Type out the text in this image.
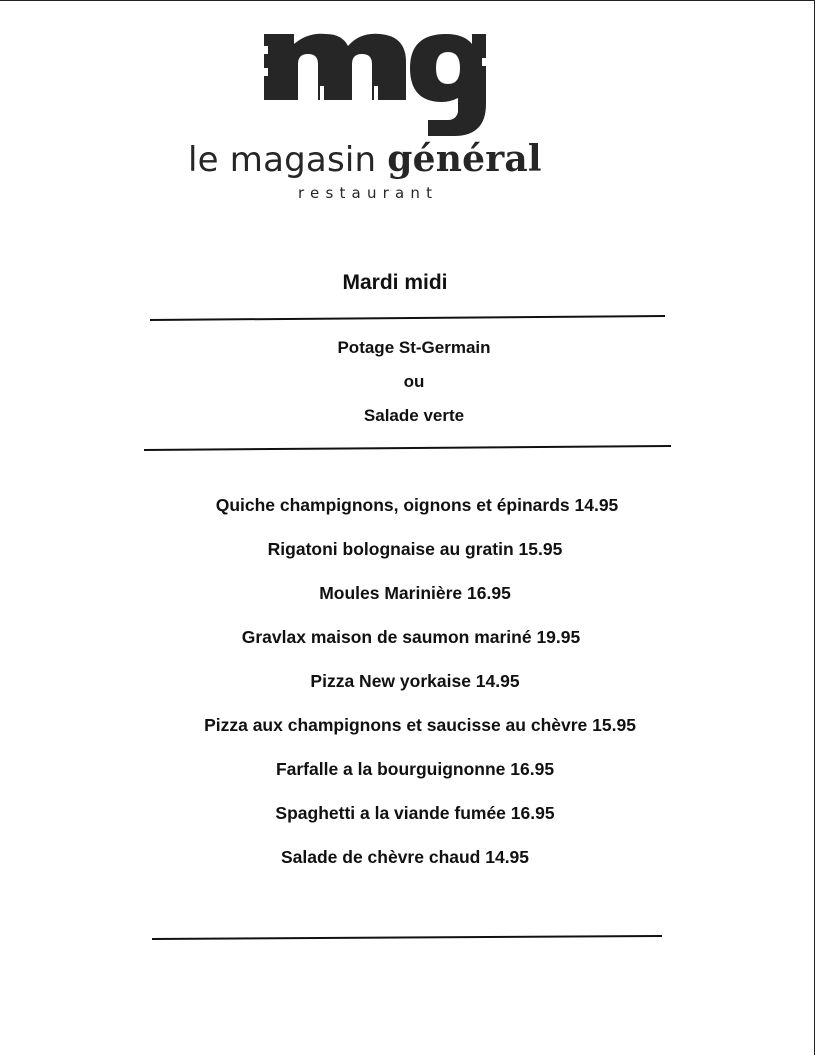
le magasin général
restaurant
Mardi midi
Potage St-Germain
ou
Salade verte
Quiche champignons, oignons et épinards 14.95
Rigatoni bolognaise au gratin 15.95
Moules Marinière 16.95
Gravlax maison de saumon mariné 19.95
Pizza New yorkaise 14.95
Pizza aux champignons et saucisse au chèvre 15.95
Farfalle a la bourguignonne 16.95
Spaghetti a la viande fumée 16.95
Salade de chèvre chaud 14.95
